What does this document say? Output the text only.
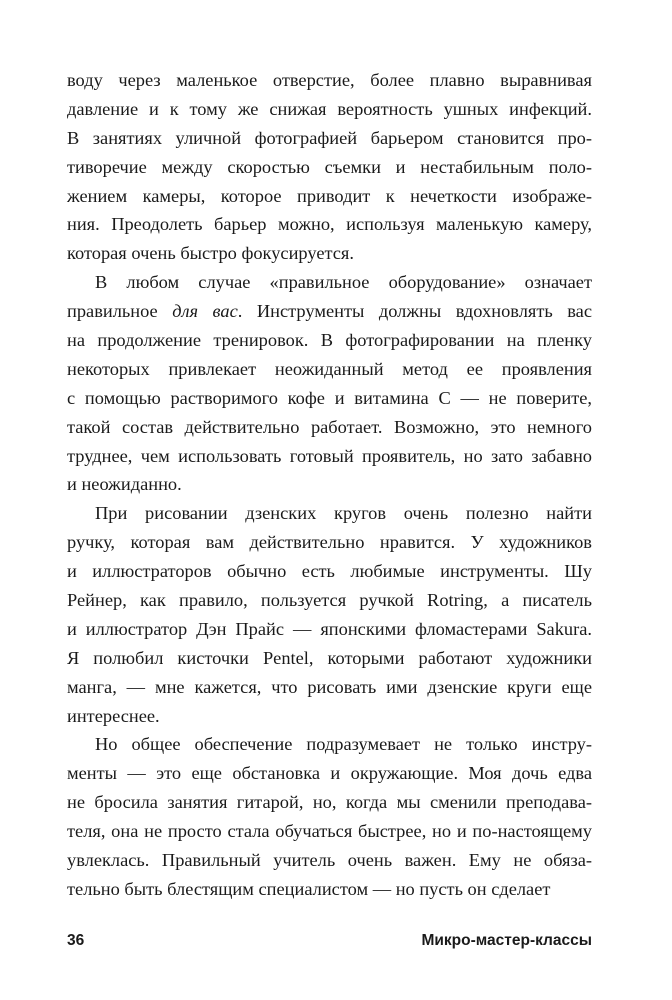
воду через маленькое отверстие, более плавно выравнивая
давление и к тому же снижая вероятность ушных инфекций.
В занятиях уличной фотографией барьером становится про-
тиворечие между скоростью съемки и нестабильным поло-
жением камеры, которое приводит к нечеткости изображе-
ния. Преодолеть барьер можно, используя маленькую камеру,
которая очень быстро фокусируется.
В любом случае «правильное оборудование» означает
правильное для вас. Инструменты должны вдохновлять вас
на продолжение тренировок. В фотографировании на пленку
некоторых привлекает неожиданный метод ее проявления
с помощью растворимого кофе и витамина С — не поверите,
такой состав действительно работает. Возможно, это немного
труднее, чем использовать готовый проявитель, но зато забавно
и неожиданно.
При рисовании дзенских кругов очень полезно найти
ручку, которая вам действительно нравится. У художников
и иллюстраторов обычно есть любимые инструменты. Шу
Рейнер, как правило, пользуется ручкой Rotring, а писатель
и иллюстратор Дэн Прайс — японскими фломастерами Sakura.
Я полюбил кисточки Pentel, которыми работают художники
манга, — мне кажется, что рисовать ими дзенские круги еще
интереснее.
Но общее обеспечение подразумевает не только инстру-
менты — это еще обстановка и окружающие. Моя дочь едва
не бросила занятия гитарой, но, когда мы сменили преподава-
теля, она не просто стала обучаться быстрее, но и по-настоящему
увлеклась. Правильный учитель очень важен. Ему не обяза-
тельно быть блестящим специалистом — но пусть он сделает
36	Микро-мастер-классы
